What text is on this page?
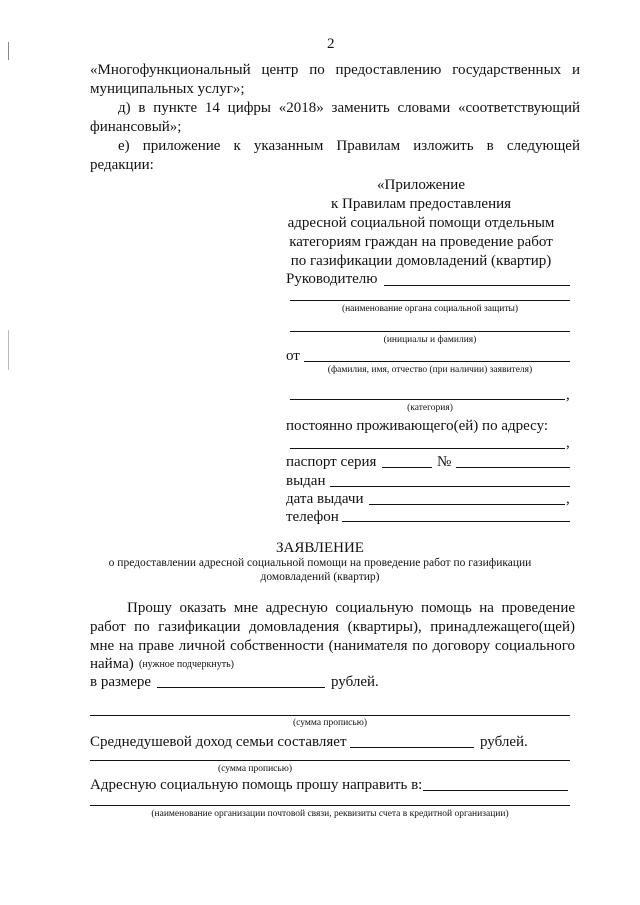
2
«Многофункциональный центр по предоставлению государственных и
муниципальных услуг»;
д) в пункте 14 цифры «2018» заменить словами «соответствующий
финансовый»;
е) приложение к указанным Правилам изложить в следующей
редакции:
«Приложение
к Правилам предоставления
адресной социальной помощи отдельным
категориям граждан на проведение работ
по газификации домовладений (квартир)
Руководителю
(наименование органа социальной защиты)
(инициалы и фамилия)
от
(фамилия, имя, отчество (при наличии) заявителя)
,
(категория)
постоянно проживающего(ей) по адресу:
,
паспорт серия	№
выдан
дата выдачи	,
телефон
ЗАЯВЛЕНИЕ
о предоставлении адресной социальной помощи на проведение работ по газификации
домовладений (квартир)
Прошу оказать мне адресную социальную помощь на проведение
работ по газификации домовладения (квартиры), принадлежащего(щей)
мне на праве личной собственности (нанимателя по договору социального
найма) (нужное подчеркнуть)
в размере	рублей.
(сумма прописью)
Среднедушевой доход семьи составляет	рублей.
(сумма прописью)
Адресную социальную помощь прошу направить в:
(наименование организации почтовой связи, реквизиты счета в кредитной организации)
